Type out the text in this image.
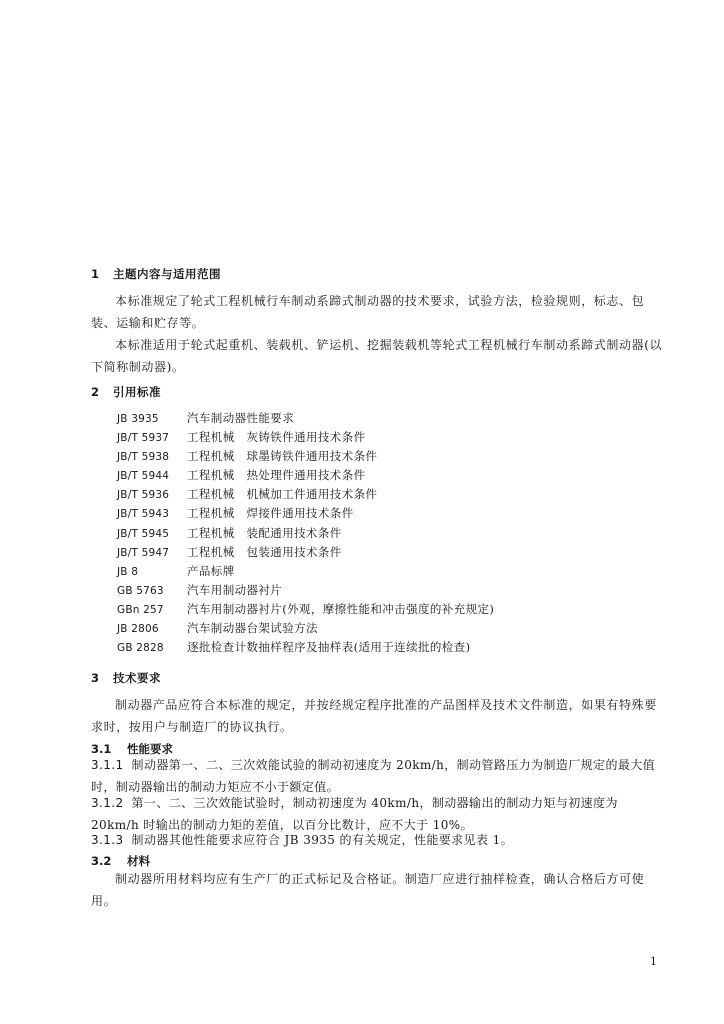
1 主题内容与适用范围
本标准规定了轮式工程机械行车制动系蹄式制动器的技术要求，试验方法，检验规则，标志、包装、运输和贮存等。
本标准适用于轮式起重机、装载机、铲运机、挖掘装载机等轮式工程机械行车制动系蹄式制动器(以下简称制动器)。
2 引用标准
JB 3935 汽车制动器性能要求
JB/T 5937 工程机械　灰铸铁件通用技术条件
JB/T 5938 工程机械　球墨铸铁件通用技术条件
JB/T 5944 工程机械　热处理件通用技术条件
JB/T 5936 工程机械　机械加工件通用技术条件
JB/T 5943 工程机械　焊接件通用技术条件
JB/T 5945 工程机械　装配通用技术条件
JB/T 5947 工程机械　包装通用技术条件
JB 8	产品标牌
GB 5763 汽车用制动器衬片
GBn 257 汽车用制动器衬片(外观，摩擦性能和冲击强度的补充规定)
JB 2806 汽车制动器台架试验方法
GB 2828 逐批检查计数抽样程序及抽样表(适用于连续批的检查)
3 技术要求
制动器产品应符合本标准的规定，并按经规定程序批准的产品图样及技术文件制造，如果有特殊要求时，按用户与制造厂的协议执行。
3.1 性能要求
3.1.1 制动器第一、二、三次效能试验的制动初速度为 20km/h，制动管路压力为制造厂规定的最大值时，制动器输出的制动力矩应不小于额定值。
3.1.2 第一、二、三次效能试验时，制动初速度为 40km/h，制动器输出的制动力矩与初速度为 20km/h 时输出的制动力矩的差值，以百分比数计，应不大于 10%。
3.1.3 制动器其他性能要求应符合 JB 3935 的有关规定，性能要求见表 1。
3.2 材料
制动器所用材料均应有生产厂的正式标记及合格证。制造厂应进行抽样检查，确认合格后方可使用。
1
